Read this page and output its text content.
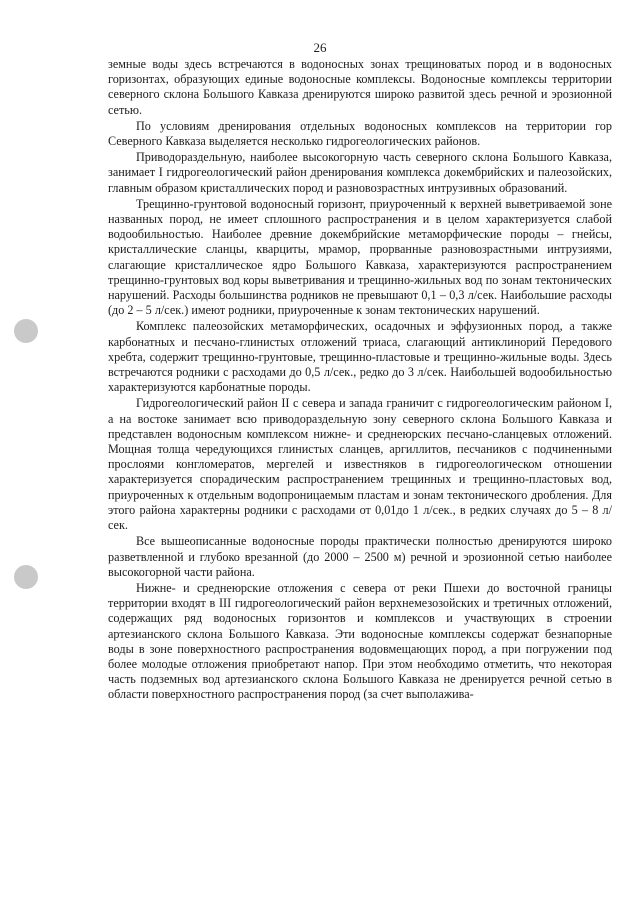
26

земные воды здесь встречаются в водоносных зонах трещиноватых пород и в водоносных горизонтах, образующих единые водоносные комплексы. Водоносные комплексы территории северного склона Большого Кавказа дренируются широко развитой здесь речной и эрозионной сетью.

По условиям дренирования отдельных водоносных комплексов на территории гор Северного Кавказа выделяется несколько гидрогеологических районов.

Приводораздельную, наиболее высокогорную часть северного склона Большого Кавказа, занимает I гидрогеологический район дренирования комплекса докембрийских и палеозойских, главным образом кристаллических пород и разновозрастных интрузивных образований.

Трещинно-грунтовой водоносный горизонт, приуроченный к верхней выветриваемой зоне названных пород, не имеет сплошного распространения и в целом характеризуется слабой водообильностью. Наиболее древние докембрийские метаморфические породы – гнейсы, кристаллические сланцы, кварциты, мрамор, прорванные разновозрастными интрузиями, слагающие кристаллическое ядро Большого Кавказа, характеризуются распространением трещинно-грунтовых вод коры выветривания и трещинно-жильных вод по зонам тектонических нарушений. Расходы большинства родников не превышают 0,1 – 0,3 л/сек. Наибольшие расходы (до 2 – 5 л/сек.) имеют родники, приуроченные к зонам тектонических нарушений.

Комплекс палеозойских метаморфических, осадочных и эффузионных пород, а также карбонатных и песчано-глинистых отложений триаса, слагающий антиклинорий Передового хребта, содержит трещинно-грунтовые, трещинно-пластовые и трещинно-жильные воды. Здесь встречаются родники с расходами до 0,5 л/сек., редко до 3 л/сек. Наибольшей водообильностью характеризуются карбонатные породы.

Гидрогеологический район II с севера и запада граничит с гидрогеологическим районом I, а на востоке занимает всю приводораздельную зону северного склона Большого Кавказа и представлен водоносным комплексом нижне- и среднеюрских песчано-сланцевых отложений. Мощная толща чередующихся глинистых сланцев, аргиллитов, песчаников с подчиненными прослоями конгломератов, мергелей и известняков в гидрогеологическом отношении характеризуется спорадическим распространением трещинных и трещинно-пластовых вод, приуроченных к отдельным водопроницаемым пластам и зонам тектонического дробления. Для этого района характерны родники с расходами от 0,01до 1 л/сек., в редких случаях до 5 – 8 л/сек.

Все вышеописанные водоносные породы практически полностью дренируются широко разветвленной и глубоко врезанной (до 2000 – 2500 м) речной и эрозионной сетью наиболее высокогорной части района.

Нижне- и среднеюрские отложения с севера от реки Пшехи до восточной границы территории входят в III гидрогеологический район верхнемезозойских и третичных отложений, содержащих ряд водоносных горизонтов и комплексов и участвующих в строении артезианского склона Большого Кавказа. Эти водоносные комплексы содержат безнапорные воды в зоне поверхностного распространения водовмещающих пород, а при погружении под более молодые отложения приобретают напор. При этом необходимо отметить, что некоторая часть подземных вод артезианского склона Большого Кавказа не дренируется речной сетью в области поверхностного распространения пород (за счет выполажива-
